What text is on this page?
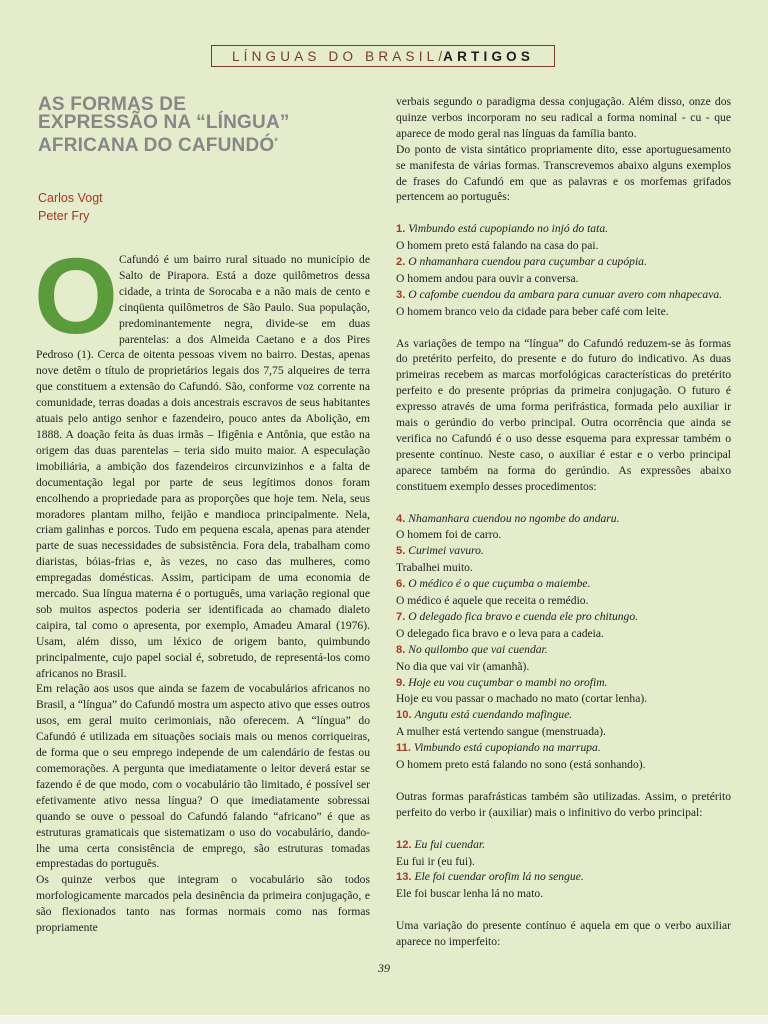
LÍNGUAS DO BRASIL / ARTIGOS
AS FORMAS DE
EXPRESSÃO NA “LÍNGUA”
AFRICANA DO CAFUNDÓ*
Carlos Vogt
Peter Fry
O Cafundó é um bairro rural situado no município de Salto de Pirapora. Está a doze quilômetros dessa cidade, a trinta de Sorocaba e a não mais de cento e cinqüenta quilômetros de São Paulo. Sua população, predominantemente negra, divide-se em duas parentelas: a dos Almeida Caetano e a dos Pires Pedroso (1). Cerca de oitenta pessoas vivem no bairro. Destas, apenas nove detêm o título de proprietários legais dos 7,75 alqueires de terra que constituem a extensão do Cafundó. São, conforme voz corrente na comunidade, terras doadas a dois ancestrais escravos de seus habitantes atuais pelo antigo senhor e fazendeiro, pouco antes da Abolição, em 1888. A doação feita às duas irmãs – Ifigênia e Antônia, que estão na origem das duas parentelas – teria sido muito maior. A especulação imobiliária, a ambição dos fazendeiros circunvizinhos e a falta de documentação legal por parte de seus legítimos donos foram encolhendo a propriedade para as proporções que hoje tem. Nela, seus moradores plantam milho, feijão e mandioca principalmente. Nela, criam galinhas e porcos. Tudo em pequena escala, apenas para atender parte de suas necessidades de subsistência. Fora dela, trabalham como diaristas, bóias-frias e, às vezes, no caso das mulheres, como empregadas domésticas. Assim, participam de uma economia de mercado. Sua língua materna é o português, uma variação regional que sob muitos aspectos poderia ser identificada ao chamado dialeto caipira, tal como o apresenta, por exemplo, Amadeu Amaral (1976). Usam, além disso, um léxico de origem banto, quimbundo principalmente, cujo papel social é, sobretudo, de representá-los como africanos no Brasil.

Em relação aos usos que ainda se fazem de vocabulários africanos no Brasil, a “língua” do Cafundó mostra um aspecto ativo que esses outros usos, em geral muito cerimoniais, não oferecem. A “língua” do Cafundó é utilizada em situações sociais mais ou menos corriqueiras, de forma que o seu emprego independe de um calendário de festas ou comemorações. A pergunta que imediatamente o leitor deverá estar se fazendo é de que modo, com o vocabulário tão limitado, é possível ser efetivamente ativo nessa língua? O que imediatamente sobressai quando se ouve o pessoal do Cafundó falando “africano” é que as estruturas gramaticais que sistematizam o uso do vocabulário, dando-lhe uma certa consistência de emprego, são estruturas tomadas emprestadas do português.

Os quinze verbos que integram o vocabulário são todos morfologicamente marcados pela desinência da primeira conjugação, e são flexionados tanto nas formas normais como nas formas propriamente

verbais segundo o paradigma dessa conjugação. Além disso, onze dos quinze verbos incorporam no seu radical a forma nominal - cu - que aparece de modo geral nas línguas da família banto.

Do ponto de vista sintático propriamente dito, esse aportuguesamento se manifesta de várias formas. Transcrevemos abaixo alguns exemplos de frases do Cafundó em que as palavras e os morfemas grifados pertencem ao português:

1. Vimbundo está cupopiando no injó do tata.
O homem preto está falando na casa do pai.
2. O nhamanhara cuendou para cuçumbar a cupópia.
O homem andou para ouvir a conversa.
3. O cafombe cuendou da ambara para cunuar avero com nhapecava.
O homem branco veio da cidade para beber café com leite.

As variações de tempo na “língua” do Cafundó reduzem-se às formas do pretérito perfeito, do presente e do futuro do indicativo. As duas primeiras recebem as marcas morfológicas características do pretérito perfeito e do presente próprias da primeira conjugação. O futuro é expresso através de uma forma perifrástica, formada pelo auxiliar ir mais o gerúndio do verbo principal. Outra ocorrência que ainda se verifica no Cafundó é o uso desse esquema para expressar também o presente contínuo. Neste caso, o auxiliar é estar e o verbo principal aparece também na forma do gerúndio. As expressões abaixo constituem exemplo desses procedimentos:

4. Nhamanhara cuendou no ngombe do andaru.
O homem foi de carro.
5. Curimei vavuro.
Trabalhei muito.
6. O médico é o que cuçumba o maiembe.
O médico é aquele que receita o remédio.
7. O delegado fica bravo e cuenda ele pro chitungo.
O delegado fica bravo e o leva para a cadeia.
8. No quilombo que vai cuendar.
No dia que vai vir (amanhã).
9. Hoje eu vou cuçumbar o mambi no orofim.
Hoje eu vou passar o machado no mato (cortar lenha).
10. Angutu está cuendando mafingue.
A mulher está vertendo sangue (menstruada).
11. Vimbundo está cupopiando na marrupa.
O homem preto está falando no sono (está sonhando).

Outras formas parafrásticas também são utilizadas. Assim, o pretérito perfeito do verbo ir (auxiliar) mais o infinitivo do verbo principal:

12. Eu fui cuendar.
Eu fui ir (eu fui).
13. Ele foi cuendar orofim lá no sengue.
Ele foi buscar lenha lá no mato.

Uma variação do presente contínuo é aquela em que o verbo auxiliar aparece no imperfeito:

39
